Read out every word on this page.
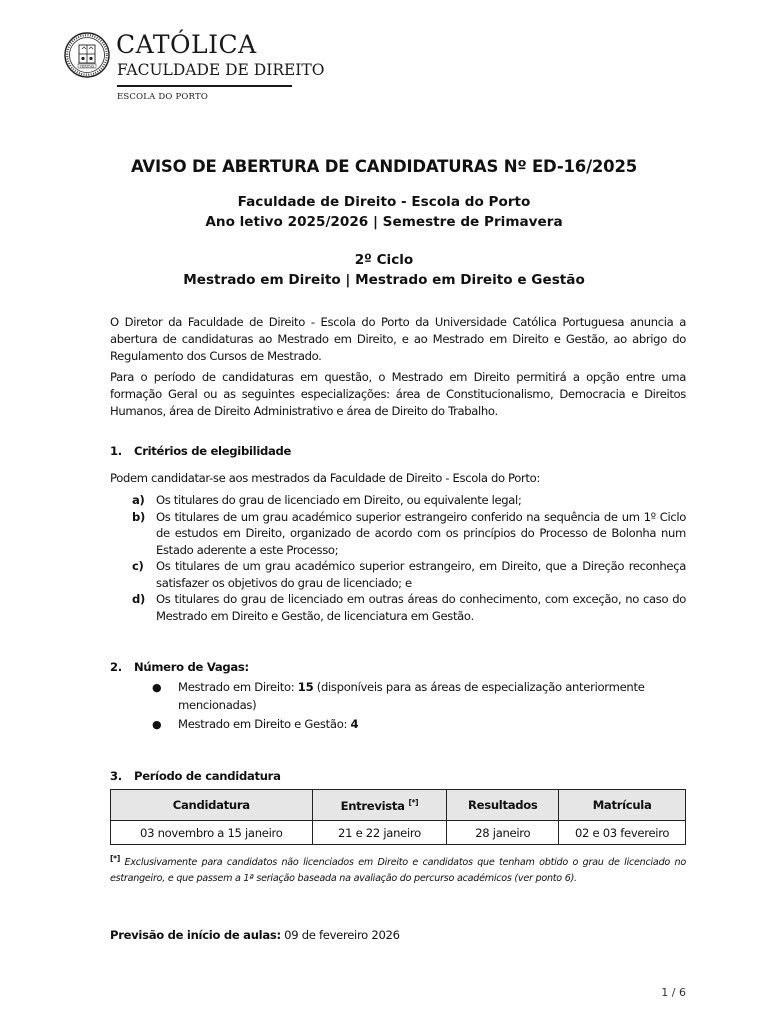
VERITAS
CATÓLICA
FACULDADE DE DIREITO
ESCOLA DO PORTO
AVISO DE ABERTURA DE CANDIDATURAS Nº ED-16/2025
Faculdade de Direito - Escola do Porto
Ano letivo 2025/2026 | Semestre de Primavera
2º Ciclo
Mestrado em Direito | Mestrado em Direito e Gestão

O Diretor da Faculdade de Direito - Escola do Porto da Universidade Católica Portuguesa anuncia a abertura de candidaturas ao Mestrado em Direito, e ao Mestrado em Direito e Gestão, ao abrigo do Regulamento dos Cursos de Mestrado.

Para o período de candidaturas em questão, o Mestrado em Direito permitirá a opção entre uma formação Geral ou as seguintes especializações: área de Constitucionalismo, Democracia e Direitos Humanos, área de Direito Administrativo e área de Direito do Trabalho.

1. Critérios de elegibilidade

Podem candidatar-se aos mestrados da Faculdade de Direito - Escola do Porto:

a) Os titulares do grau de licenciado em Direito, ou equivalente legal;
b) Os titulares de um grau académico superior estrangeiro conferido na sequência de um 1º Ciclo de estudos em Direito, organizado de acordo com os princípios do Processo de Bolonha num Estado aderente a este Processo;
c)	Os titulares de um grau académico superior estrangeiro, em Direito, que a Direção reconheça satisfazer os objetivos do grau de licenciado; e
d) Os titulares do grau de licenciado em outras áreas do conhecimento, com exceção, no caso do Mestrado em Direito e Gestão, de licenciatura em Gestão.
2. Número de Vagas:
●	Mestrado em Direito: 15 (disponíveis para as áreas de especialização anteriormente mencionadas)
●	Mestrado em Direito e Gestão: 4
3. Período de candidatura
Candidatura	Entrevista [*]	Resultados	Matrícula
03 novembro a 15 janeiro	21 e 22 janeiro	28 janeiro	02 e 03 fevereiro

[*] Exclusivamente para candidatos não licenciados em Direito e candidatos que tenham obtido o grau de licenciado no estrangeiro, e que passem a 1ª seriação baseada na avaliação do percurso académicos (ver ponto 6).

Previsão de início de aulas: 09 de fevereiro 2026
1 / 6
